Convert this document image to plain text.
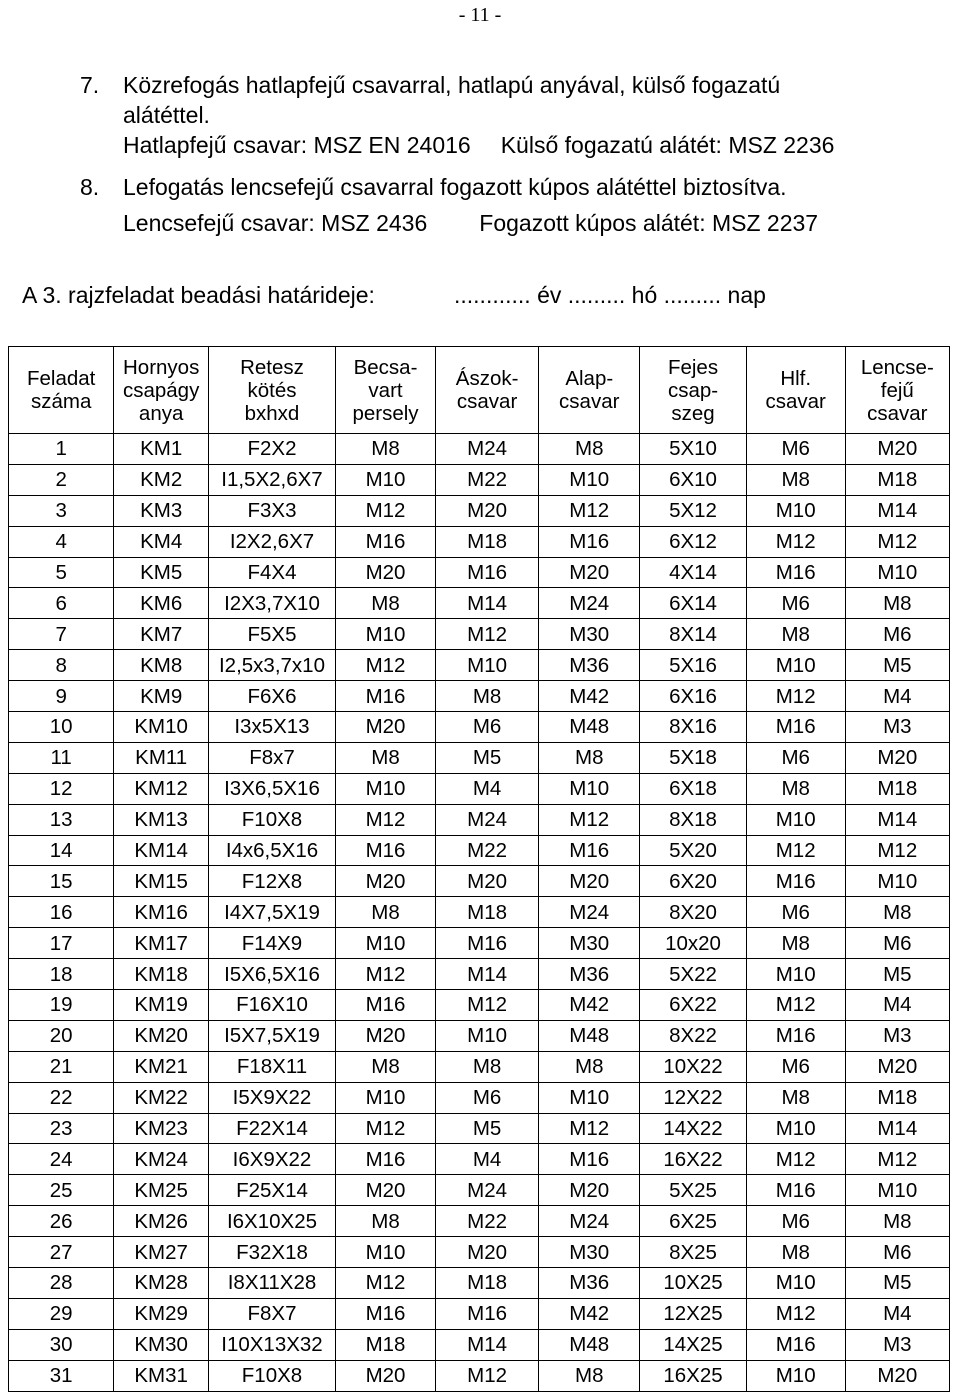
- 11 -
7.	Közrefogás hatlapfejű csavarral, hatlapú anyával, külső fogazatú
alátéttel.
Hatlapfejű csavar: MSZ EN 24016 Külső fogazatú alátét: MSZ 2236
8.	Lefogatás lencsefejű csavarral fogazott kúpos alátéttel biztosítva.
Lencsefejű csavar: MSZ 2436 Fogazott kúpos alátét: MSZ 2237
A 3. rajzfeladat beadási határideje:	............ év ......... hó ......... nap
Feladat
száma	Hornyos
csapágy
anya	Retesz
kötés
bxhxd	Becsa-
vart
persely	Ászok-
csavar	Alap-
csavar	Fejes
csap-
szeg	Hlf.
csavar	Lencse-
fejű
csavar
1	KM1	F2X2	M8	M24	M8	5X10	M6	M20
2	KM2	I1,5X2,6X7	M10	M22	M10	6X10	M8	M18
3	KM3	F3X3	M12	M20	M12	5X12	M10	M14
4	KM4	I2X2,6X7	M16	M18	M16	6X12	M12	M12
5	KM5	F4X4	M20	M16	M20	4X14	M16	M10
6	KM6	I2X3,7X10	M8	M14	M24	6X14	M6	M8
7	KM7	F5X5	M10	M12	M30	8X14	M8	M6
8	KM8	I2,5x3,7x10	M12	M10	M36	5X16	M10	M5
9	KM9	F6X6	M16	M8	M42	6X16	M12	M4
10	KM10	I3x5X13	M20	M6	M48	8X16	M16	M3
11	KM11	F8x7	M8	M5	M8	5X18	M6	M20
12	KM12	I3X6,5X16	M10	M4	M10	6X18	M8	M18
13	KM13	F10X8	M12	M24	M12	8X18	M10	M14
14	KM14	I4x6,5X16	M16	M22	M16	5X20	M12	M12
15	KM15	F12X8	M20	M20	M20	6X20	M16	M10
16	KM16	I4X7,5X19	M8	M18	M24	8X20	M6	M8
17	KM17	F14X9	M10	M16	M30	10x20	M8	M6
18	KM18	I5X6,5X16	M12	M14	M36	5X22	M10	M5
19	KM19	F16X10	M16	M12	M42	6X22	M12	M4
20	KM20	I5X7,5X19	M20	M10	M48	8X22	M16	M3
21	KM21	F18X11	M8	M8	M8	10X22	M6	M20
22	KM22	I5X9X22	M10	M6	M10	12X22	M8	M18
23	KM23	F22X14	M12	M5	M12	14X22	M10	M14
24	KM24	I6X9X22	M16	M4	M16	16X22	M12	M12
25	KM25	F25X14	M20	M24	M20	5X25	M16	M10
26	KM26	I6X10X25	M8	M22	M24	6X25	M6	M8
27	KM27	F32X18	M10	M20	M30	8X25	M8	M6
28	KM28	I8X11X28	M12	M18	M36	10X25	M10	M5
29	KM29	F8X7	M16	M16	M42	12X25	M12	M4
30	KM30	I10X13X32	M18	M14	M48	14X25	M16	M3
31	KM31	F10X8	M20	M12	M8	16X25	M10	M20
